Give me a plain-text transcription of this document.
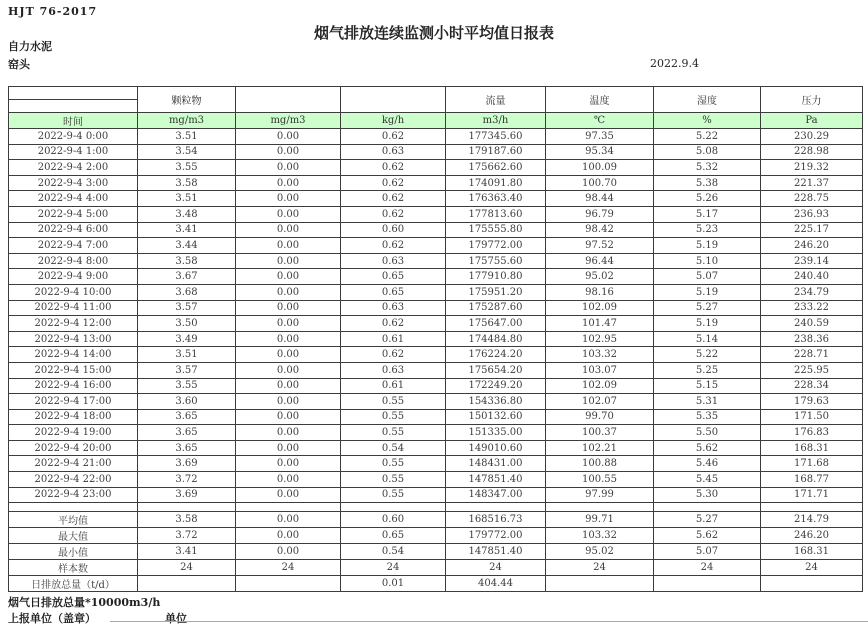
HJT 76-2017
烟气排放连续监测小时平均值日报表
自力水泥
窑头	2022.9.4
	颗粒物			流量	温度	湿度	压力
时间	mg/m3	mg/m3	kg/h	m3/h	℃	%	Pa
2022-9-4 0:00	3.51	0.00	0.62	177345.60	97.35	5.22	230.29
2022-9-4 1:00	3.54	0.00	0.63	179187.60	95.34	5.08	228.98
2022-9-4 2:00	3.55	0.00	0.62	175662.60	100.09	5.32	219.32
2022-9-4 3:00	3.58	0.00	0.62	174091.80	100.70	5.38	221.37
2022-9-4 4:00	3.51	0.00	0.62	176363.40	98.44	5.26	228.75
2022-9-4 5:00	3.48	0.00	0.62	177813.60	96.79	5.17	236.93
2022-9-4 6:00	3.41	0.00	0.60	175555.80	98.42	5.23	225.17
2022-9-4 7:00	3.44	0.00	0.62	179772.00	97.52	5.19	246.20
2022-9-4 8:00	3.58	0.00	0.63	175755.60	96.44	5.10	239.14
2022-9-4 9:00	3.67	0.00	0.65	177910.80	95.02	5.07	240.40
2022-9-4 10:00	3.68	0.00	0.65	175951.20	98.16	5.19	234.79
2022-9-4 11:00	3.57	0.00	0.63	175287.60	102.09	5.27	233.22
2022-9-4 12:00	3.50	0.00	0.62	175647.00	101.47	5.19	240.59
2022-9-4 13:00	3.49	0.00	0.61	174484.80	102.95	5.14	238.36
2022-9-4 14:00	3.51	0.00	0.62	176224.20	103.32	5.22	228.71
2022-9-4 15:00	3.57	0.00	0.63	175654.20	103.07	5.25	225.95
2022-9-4 16:00	3.55	0.00	0.61	172249.20	102.09	5.15	228.34
2022-9-4 17:00	3.60	0.00	0.55	154336.80	102.07	5.31	179.63
2022-9-4 18:00	3.65	0.00	0.55	150132.60	99.70	5.35	171.50
2022-9-4 19:00	3.65	0.00	0.55	151335.00	100.37	5.50	176.83
2022-9-4 20:00	3.65	0.00	0.54	149010.60	102.21	5.62	168.31
2022-9-4 21:00	3.69	0.00	0.55	148431.00	100.88	5.46	171.68
2022-9-4 22:00	3.72	0.00	0.55	147851.40	100.55	5.45	168.77
2022-9-4 23:00	3.69	0.00	0.55	148347.00	97.99	5.30	171.71

平均值	3.58	0.00	0.60	168516.73	99.71	5.27	214.79
最大值	3.72	0.00	0.65	179772.00	103.32	5.62	246.20
最小值	3.41	0.00	0.54	147851.40	95.02	5.07	168.31
样本数	24	24	24	24	24	24	24
日排放总量（t/d）			0.01	404.44			
烟气日排放总量*10000m3/h
上报单位（盖章）	单位
